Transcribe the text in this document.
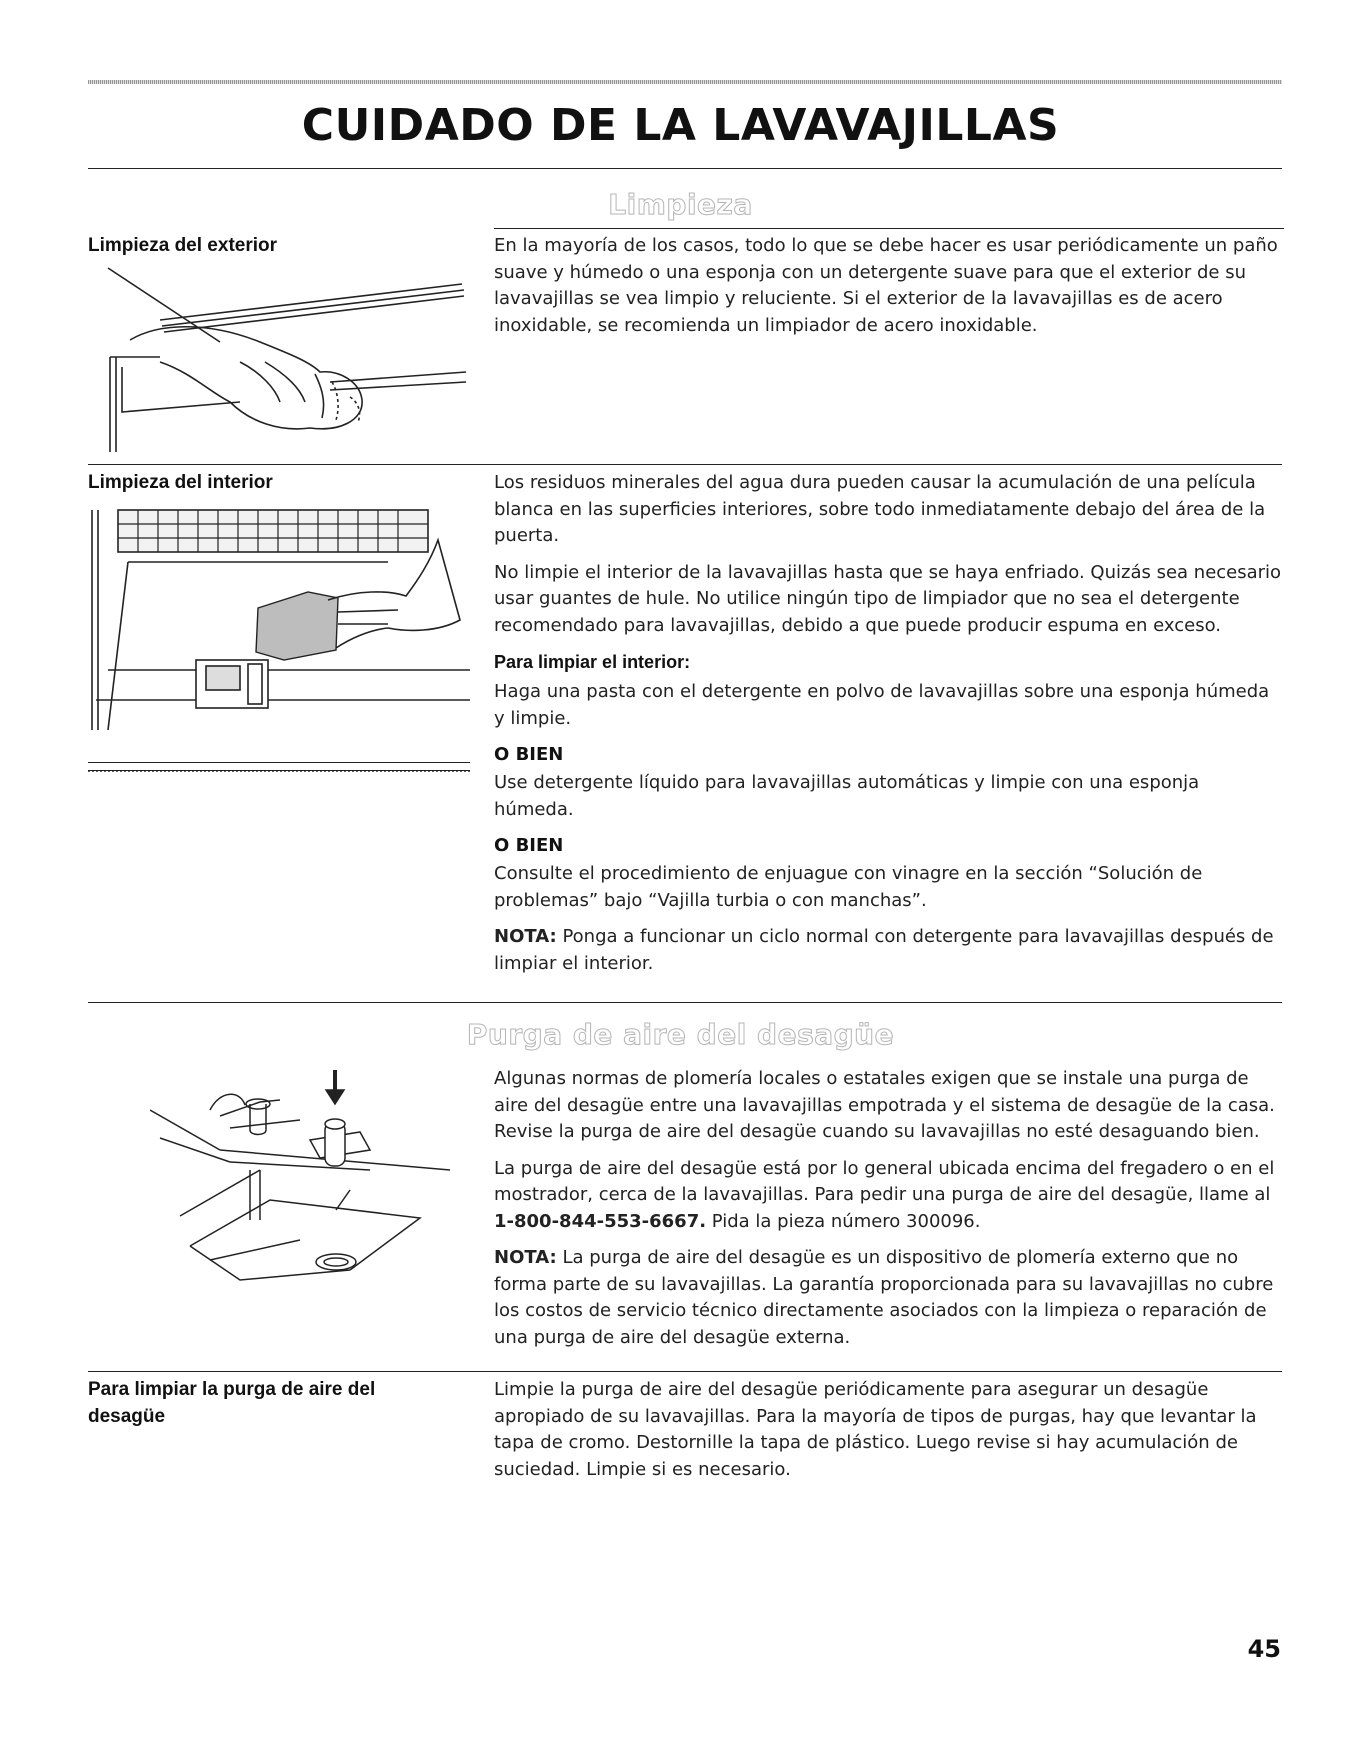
CUIDADO DE LA LAVAVAJILLAS
Limpieza
Limpieza del exterior	En la mayoría de los casos, todo lo que se debe hacer es usar periódicamente un paño suave y húmedo o una esponja con un detergente suave para que el exterior de su lavavajillas se vea limpio y reluciente. Si el exterior de la lavavajillas es de acero inoxidable, se recomienda un limpiador de acero inoxidable.

Limpieza del interior	Los residuos minerales del agua dura pueden causar la acumulación de una película blanca en las superficies interiores, sobre todo inmediatamente debajo del área de la puerta.

No limpie el interior de la lavavajillas hasta que se haya enfriado. Quizás sea necesario usar guantes de hule. No utilice ningún tipo de limpiador que no sea el detergente recomendado para lavavajillas, debido a que puede producir espuma en exceso.

Para limpiar el interior:

Haga una pasta con el detergente en polvo de lavavajillas sobre una esponja húmeda y limpie.

O BIEN

Use detergente líquido para lavavajillas automáticas y limpie con una esponja húmeda.

O BIEN

Consulte el procedimiento de enjuague con vinagre en la sección “Solución de problemas” bajo “Vajilla turbia o con manchas”.

NOTA: Ponga a funcionar un ciclo normal con detergente para lavavajillas después de limpiar el interior.

Purga de aire del desagüe

Algunas normas de plomería locales o estatales exigen que se instale una purga de aire del desagüe entre una lavavajillas empotrada y el sistema de desagüe de la casa. Revise la purga de aire del desagüe cuando su lavavajillas no esté desaguando bien.

La purga de aire del desagüe está por lo general ubicada encima del fregadero o en el mostrador, cerca de la lavavajillas. Para pedir una purga de aire del desagüe, llame al 1-800-844-553-6667. Pida la pieza número 300096.

NOTA: La purga de aire del desagüe es un dispositivo de plomería externo que no forma parte de su lavavajillas. La garantía proporcionada para su lavavajillas no cubre los costos de servicio técnico directamente asociados con la limpieza o reparación de una purga de aire del desagüe externa.

Para limpiar la purga de aire del desagüe

Limpie la purga de aire del desagüe periódicamente para asegurar un desagüe apropiado de su lavavajillas. Para la mayoría de tipos de purgas, hay que levantar la tapa de cromo. Destornille la tapa de plástico. Luego revise si hay acumulación de suciedad. Limpie si es necesario.

45
